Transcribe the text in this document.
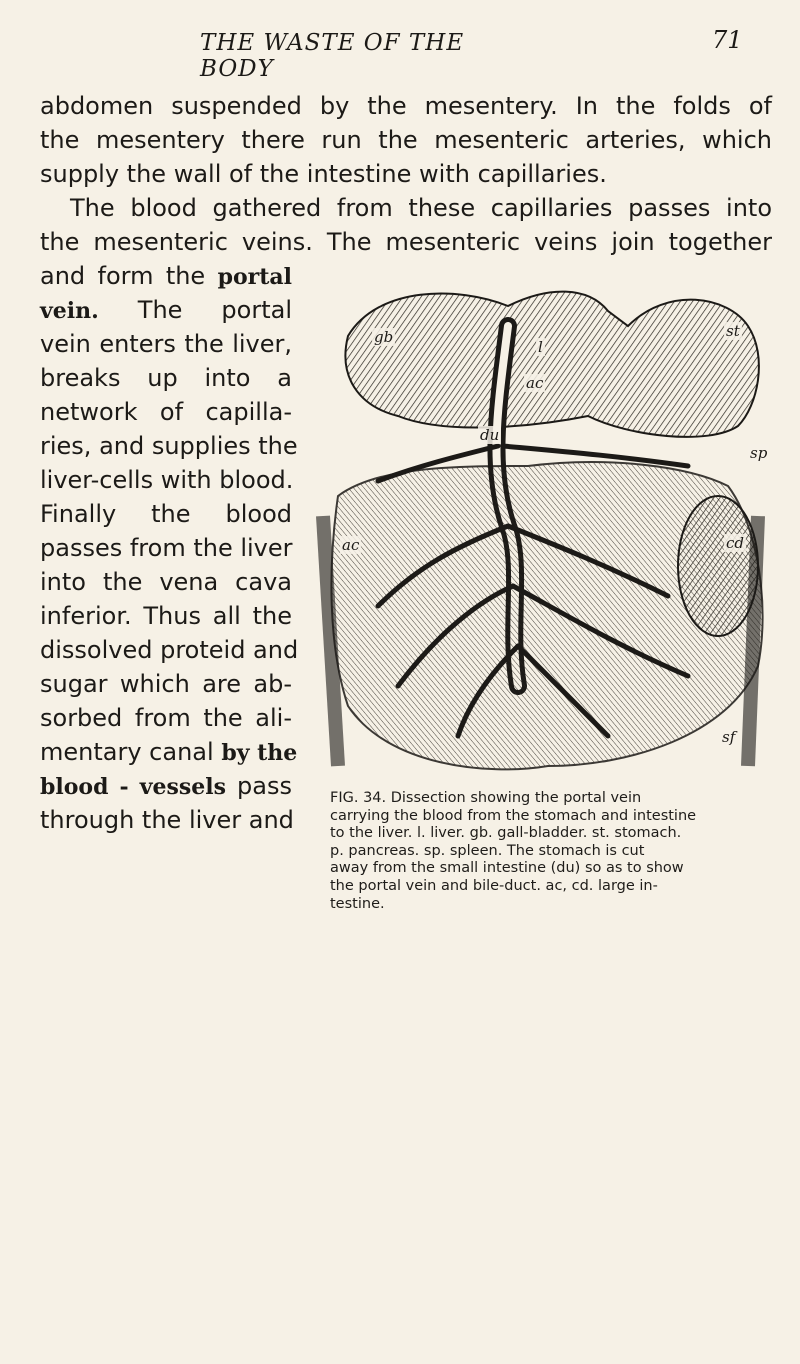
THE WASTE OF THE BODY
71
abdomen suspended by the mesentery. In the folds of
the mesentery there run the mesenteric arteries, which
supply the wall of the intestine with capillaries.
The blood gathered from these capillaries passes into
the mesenteric veins. The mesenteric veins join together
and form the portal
vein. The portal
vein enters the liver,
breaks up into a
network of capilla-
ries, and supplies the
liver-cells with blood.
Finally the blood
passes from the liver
into the vena cava
inferior. Thus all the
dissolved proteid and
sugar which are ab-
sorbed from the ali-
mentary canal by the
blood - vessels pass
through the liver and
FIG. 34. Dissection showing the portal vein
carrying the blood from the stomach and intestine
to the liver. l. liver. gb. gall-bladder. st. stomach.
p. pancreas. sp. spleen. The stomach is cut
away from the small intestine (du) so as to show
the portal vein and bile-duct. ac, cd. large in-
testine.
gb
l
st
du
ac
sp
ac	cd
sf
